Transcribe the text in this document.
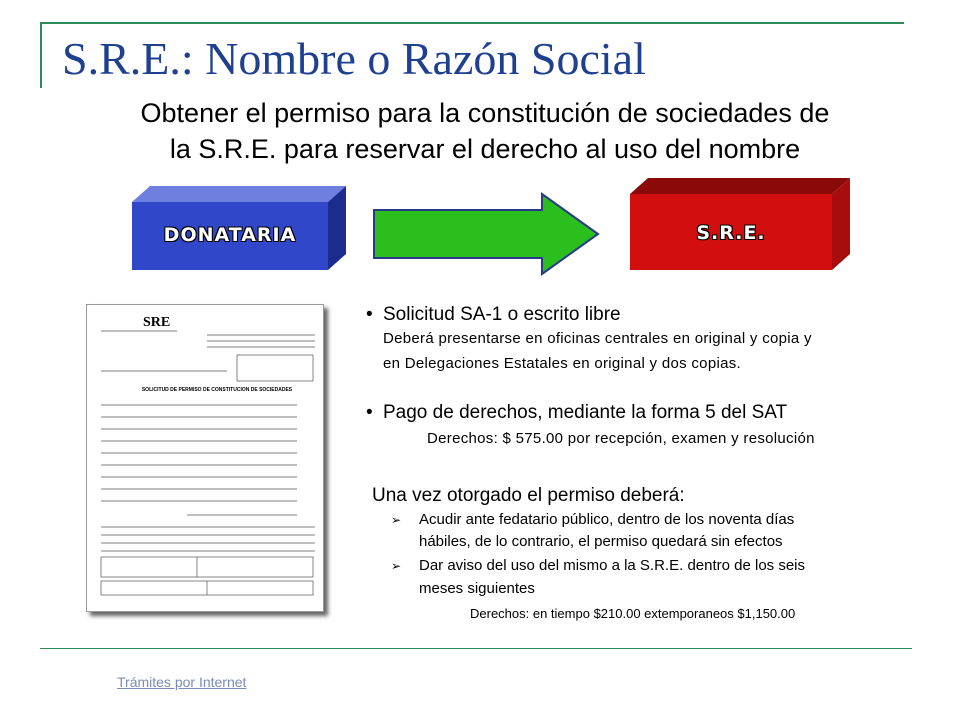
S.R.E.: Nombre o Razón Social
Obtener el permiso para la constitución de sociedades de
la S.R.E. para reservar el derecho al uso del nombre
DONATARIA	S.R.E.
SRE
SOLICITUD DE PERMISO DE CONSTITUCION DE SOCIEDADES
• Solicitud SA-1 o escrito libre
Deberá presentarse en oficinas centrales en original y copia y
en Delegaciones Estatales en original y dos copias.
• Pago de derechos, mediante la forma 5 del SAT
Derechos: $ 575.00 por recepción, examen y resolución
Una vez otorgado el permiso deberá:
➢ Acudir ante fedatario público, dentro de los noventa días
hábiles, de lo contrario, el permiso quedará sin efectos
➢ Dar aviso del uso del mismo a la S.R.E. dentro de los seis
meses siguientes
Derechos: en tiempo $210.00 extemporaneos $1,150.00
Trámites por Internet
